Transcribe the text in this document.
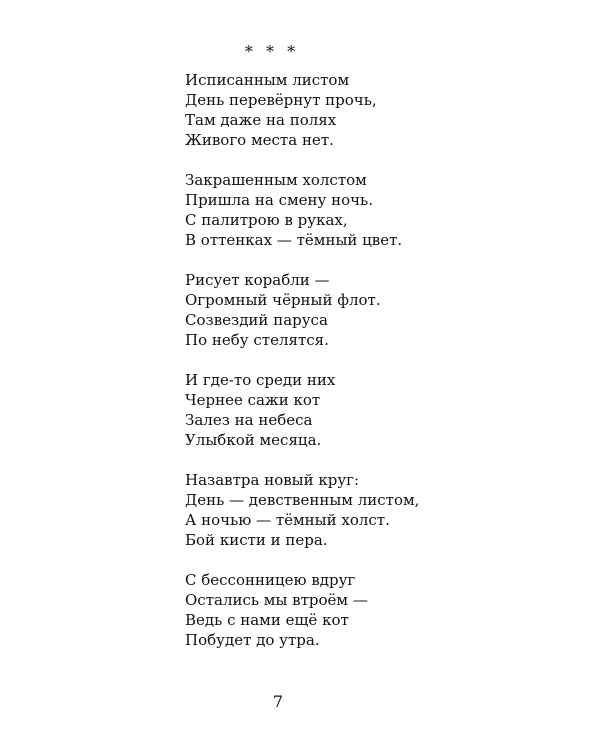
* * *
Исписанным листом
День перевёрнут прочь,
Там даже на полях
Живого места нет.
Закрашенным холстом
Пришла на смену ночь.
С палитрою в руках,
В оттенках — тёмный цвет.
Рисует корабли —
Огромный чёрный флот.
Созвездий паруса
По небу стелятся.
И где-то среди них
Чернее сажи кот
Залез на небеса
Улыбкой месяца.
Назавтра новый круг:
День — девственным листом,
А ночью — тёмный холст.
Бой кисти и пера.
С бессонницею вдруг
Остались мы втроём —
Ведь с нами ещё кот
Побудет до утра.
7
